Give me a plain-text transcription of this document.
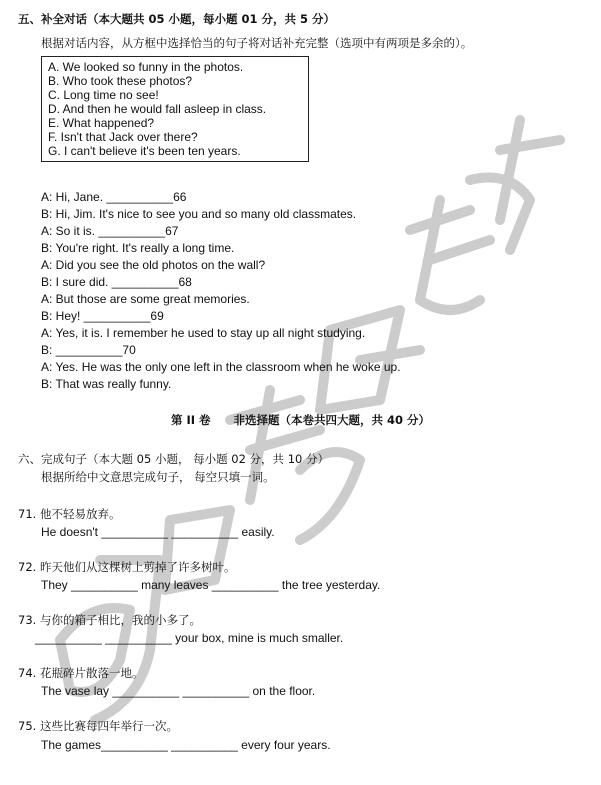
五、补全对话（本大题共 05 小题，每小题 01 分，共 5 分）
根据对话内容，从方框中选择恰当的句子将对话补充完整（选项中有两项是多余的）。
A. We looked so funny in the photos.
B. Who took these photos?
C. Long time no see!
D. And then he would fall asleep in class.
E. What happened?
F. Isn't that Jack over there?
G. I can't believe it's been ten years.
A: Hi, Jane. __________66
B: Hi, Jim. It's nice to see you and so many old classmates.
A: So it is. __________67
B: You're right. It's really a long time.
A: Did you see the old photos on the wall?
B: I sure did. __________68
A: But those are some great memories.
B: Hey! __________69
A: Yes, it is. I remember he used to stay up all night studying.
B: __________70
A: Yes. He was the only one left in the classroom when he woke up.
B: That was really funny.
第 II 卷　　非选择题（本卷共四大题，共 40 分）
六、完成句子（本大题 05 小题， 每小题 02 分，共 10 分）
根据所给中文意思完成句子， 每空只填一词。
71. 他不轻易放弃。
He doesn't __________ __________ easily.
72. 昨天他们从这棵树上剪掉了许多树叶。
They __________ many leaves __________ the tree yesterday.
73. 与你的箱子相比，我的小多了。
__________ __________ your box, mine is much smaller.
74. 花瓶碎片散落一地。
The vase lay __________ __________ on the floor.
75. 这些比赛每四年举行一次。
The games__________ __________ every four years.
